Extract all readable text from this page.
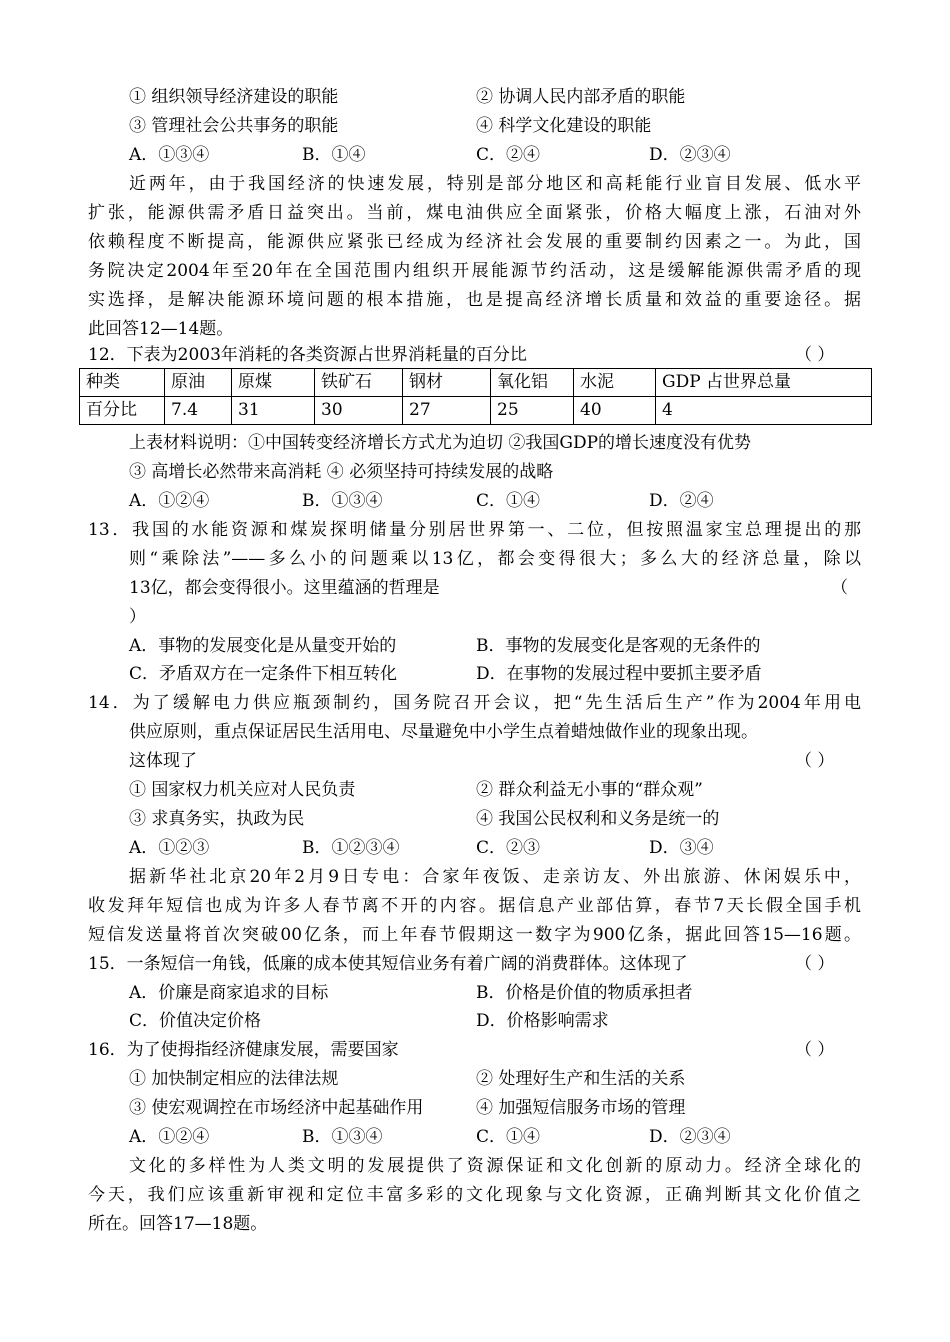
① 组织领导经济建设的职能	② 协调人民内部矛盾的职能
③ 管理社会公共事务的职能	④ 科学文化建设的职能
A．①③④	B．①④	C．②④	D．②③④
近两年，由于我国经济的快速发展，特别是部分地区和高耗能行业盲目发展、低水平
扩张，能源供需矛盾日益突出。当前，煤电油供应全面紧张，价格大幅度上涨，石油对外
依赖程度不断提高，能源供应紧张已经成为经济社会发展的重要制约因素之一。为此，国
务院决定2004年至20年在全国范围内组织开展能源节约活动，这是缓解能源供需矛盾的现
实选择，是解决能源环境问题的根本措施，也是提高经济增长质量和效益的重要途径。据
此回答12—14题。
12．下表为2003年消耗的各类资源占世界消耗量的百分比	（ ）
种类	原油	原煤	铁矿石	钢材	氧化铝	水泥	GDP 占世界总量
百分比	7.4	31	30	27	25	40	4
上表材料说明：①中国转变经济增长方式尤为迫切 ②我国GDP的增长速度没有优势
③ 高增长必然带来高消耗 ④ 必须坚持可持续发展的战略
A．①②④	B．①③④	C．①④	D．②④
13．我国的水能资源和煤炭探明储量分别居世界第一、二位，但按照温家宝总理提出的那
则“乘除法”——多么小的问题乘以13亿，都会变得很大；多么大的经济总量，除以
13亿，都会变得很小。这里蕴涵的哲理是	（
）
A．事物的发展变化是从量变开始的	B．事物的发展变化是客观的无条件的
C．矛盾双方在一定条件下相互转化	D．在事物的发展过程中要抓主要矛盾
14．为了缓解电力供应瓶颈制约，国务院召开会议，把“先生活后生产”作为2004年用电
供应原则，重点保证居民生活用电、尽量避免中小学生点着蜡烛做作业的现象出现。
这体现了	（ ）
① 国家权力机关应对人民负责	② 群众利益无小事的“群众观”
③ 求真务实，执政为民	④ 我国公民权利和义务是统一的
A．①②③	B．①②③④	C．②③	D．③④
据新华社北京20年2月9日专电：合家年夜饭、走亲访友、外出旅游、休闲娱乐中，
收发拜年短信也成为许多人春节离不开的内容。据信息产业部估算，春节7天长假全国手机
短信发送量将首次突破00亿条，而上年春节假期这一数字为900亿条，据此回答15—16题。
15．一条短信一角钱，低廉的成本使其短信业务有着广阔的消费群体。这体现了	（ ）
A．价廉是商家追求的目标	B．价格是价值的物质承担者
C．价值决定价格	D．价格影响需求
16．为了使拇指经济健康发展，需要国家	（ ）
① 加快制定相应的法律法规	② 处理好生产和生活的关系
③ 使宏观调控在市场经济中起基础作用	④ 加强短信服务市场的管理
A．①②④	B．①③④	C．①④	D．②③④
文化的多样性为人类文明的发展提供了资源保证和文化创新的原动力。经济全球化的
今天，我们应该重新审视和定位丰富多彩的文化现象与文化资源，正确判断其文化价值之
所在。回答17—18题。
